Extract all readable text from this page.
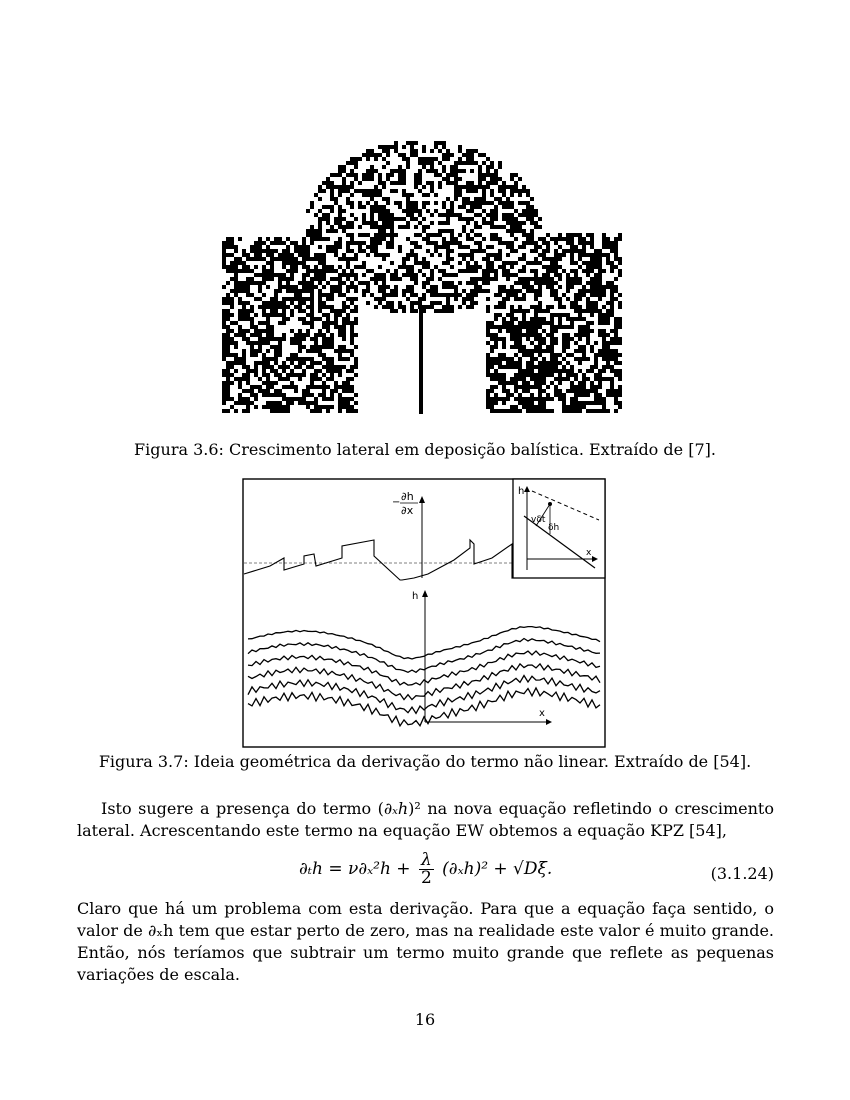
Figura 3.6: Crescimento lateral em deposição balística. Extraído de [7].
− ∂h
∂x
h
x
vδt
δh
h
x
Figura 3.7: Ideia geométrica da derivação do termo não linear. Extraído de [54].
Isto sugere a presença do termo (∂ₓh)² na nova equação refletindo o crescimento lateral. Acrescentando este termo na equação EW obtemos a equação KPZ [54],
$\partial_th = \nu\partial_x^2h + \frac{\lambda}{2} (\partial_xh)^2 + √D\xi$.	(3.1.24)
Claro que há um problema com esta derivação. Para que a equação faça sentido, o valor de ∂ₓh tem que estar perto de zero, mas na realidade este valor é muito grande. Então, nós teríamos que subtrair um termo muito grande que reflete as pequenas variações de escala.
16
